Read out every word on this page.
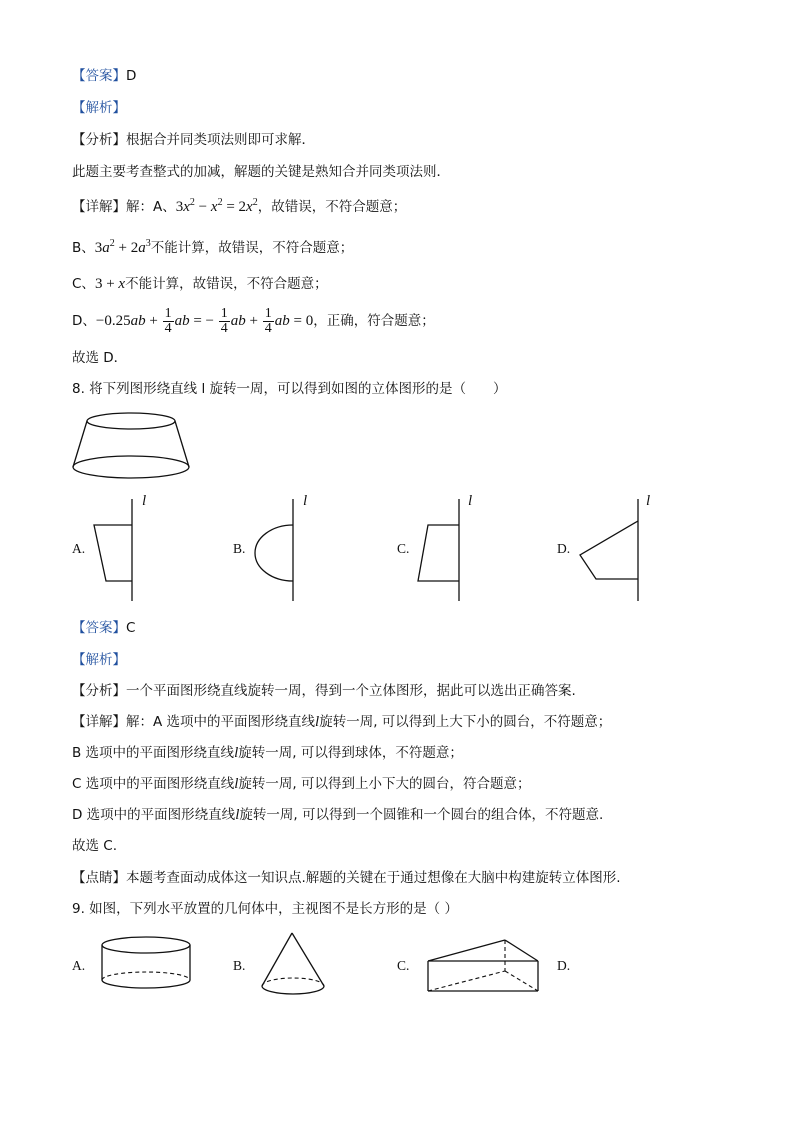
【答案】D
【解析】
【分析】根据合并同类项法则即可求解．
此题主要考查整式的加减，解题的关键是熟知合并同类项法则．
【详解】解：A、$3x^2 - x^2 = 2x^2$，故错误，不符合题意；
B、$3a^2 + 2a^3$不能计算，故错误，不符合题意；
C、3 + x不能计算，故错误，不符合题意；
D、$-0.25ab + \frac{1}{4}$ ab = − $\frac{1}{4}$ ab + $\frac{1}{4}$ ab = 0，正确，符合题意；
故选 D．
8. 将下列图形绕直线 l 旋转一周，可以得到如图的立体图形的是（　　）
A.
l
B.
l
C.
l
D.
l
【答案】C
【解析】
【分析】一个平面图形绕直线旋转一周，得到一个立体图形，据此可以选出正确答案.
【详解】解：A 选项中的平面图形绕直线l旋转一周, 可以得到上大下小的圆台，不符题意；
B 选项中的平面图形绕直线l旋转一周, 可以得到球体，不符题意；
C 选项中的平面图形绕直线l旋转一周, 可以得到上小下大的圆台，符合题意；
D 选项中的平面图形绕直线l旋转一周, 可以得到一个圆锥和一个圆台的组合体，不符题意.
故选 C.
【点睛】本题考查面动成体这一知识点.解题的关键在于通过想像在大脑中构建旋转立体图形.
9. 如图，下列水平放置的几何体中，主视图不是长方形的是（ ）
A.	B.	C.	D.
